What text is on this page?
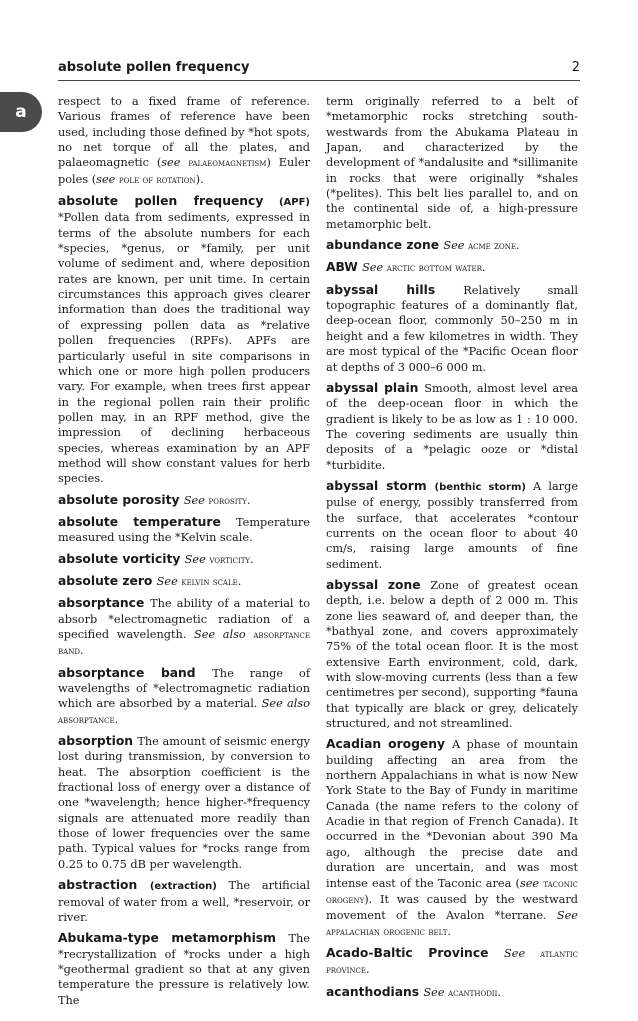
absolute pollen frequency	2
a

respect to a fixed frame of reference. Various frames of reference have been used, including those defined by *hot spots, no net torque of all the plates, and palaeomagnetic (see palaeomagnetism) Euler poles (see pole of rotation).

absolute pollen frequency (APF) *Pollen data from sediments, expressed in terms of the absolute numbers for each *species, *genus, or *family, per unit volume of sediment and, where deposition rates are known, per unit time. In certain circumstances this approach gives clearer information than does the traditional way of expressing pollen data as *relative pollen frequencies (RPFs). APFs are particularly useful in site comparisons in which one or more high pollen producers vary. For example, when trees first appear in the regional pollen rain their prolific pollen may, in an RPF method, give the impression of declining herbaceous species, whereas examination by an APF method will show constant values for herb species.

absolute porosity See porosity.

absolute temperature Temperature measured using the *Kelvin scale.

absolute vorticity See vorticity.

absolute zero See kelvin scale.

absorptance The ability of a material to absorb *electromagnetic radiation of a specified wavelength. See also absorptance band.

absorptance band The range of wavelengths of *electromagnetic radiation which are absorbed by a material. See also absorptance.

absorption The amount of seismic energy lost during transmission, by conversion to heat. The absorption coefficient is the fractional loss of energy over a distance of one *wavelength; hence higher-*frequency signals are attenuated more readily than those of lower frequencies over the same path. Typical values for *rocks range from 0.25 to 0.75 dB per wavelength.

abstraction (extraction) The artificial removal of water from a well, *reservoir, or river.

Abukama-type metamorphism The *recrystallization of *rocks under a high *geothermal gradient so that at any given temperature the pressure is relatively low. The

term originally referred to a belt of *metamorphic rocks stretching south-westwards from the Abukama Plateau in Japan, and characterized by the development of *andalusite and *sillimanite in rocks that were originally *shales (*pelites). This belt lies parallel to, and on the continental side of, a high-pressure metamorphic belt.

abundance zone See acme zone.

ABW See arctic bottom water.

abyssal hills Relatively small topographic features of a dominantly flat, deep-ocean floor, commonly 50–250 m in height and a few kilometres in width. They are most typical of the *Pacific Ocean floor at depths of 3 000–6 000 m.

abyssal plain Smooth, almost level area of the deep-ocean floor in which the gradient is likely to be as low as 1 : 10 000. The covering sediments are usually thin deposits of a *pelagic ooze or *distal *turbidite.

abyssal storm (benthic storm) A large pulse of energy, possibly transferred from the surface, that accelerates *contour currents on the ocean floor to about 40 cm/s, raising large amounts of fine sediment.

abyssal zone Zone of greatest ocean depth, i.e. below a depth of 2 000 m. This zone lies seaward of, and deeper than, the *bathyal zone, and covers approximately 75% of the total ocean floor. It is the most extensive Earth environment, cold, dark, with slow-moving currents (less than a few centimetres per second), supporting *fauna that typically are black or grey, delicately structured, and not streamlined.

Acadian orogeny A phase of mountain building affecting an area from the northern Appalachians in what is now New York State to the Bay of Fundy in maritime Canada (the name refers to the colony of Acadie in that region of French Canada). It occurred in the *Devonian about 390 Ma ago, although the precise date and duration are uncertain, and was most intense east of the Taconic area (see taconic orogeny). It was caused by the westward movement of the Avalon *terrane. See appalachian orogenic belt.

Acado-Baltic Province See atlantic province.

acanthodians See acanthodii.
